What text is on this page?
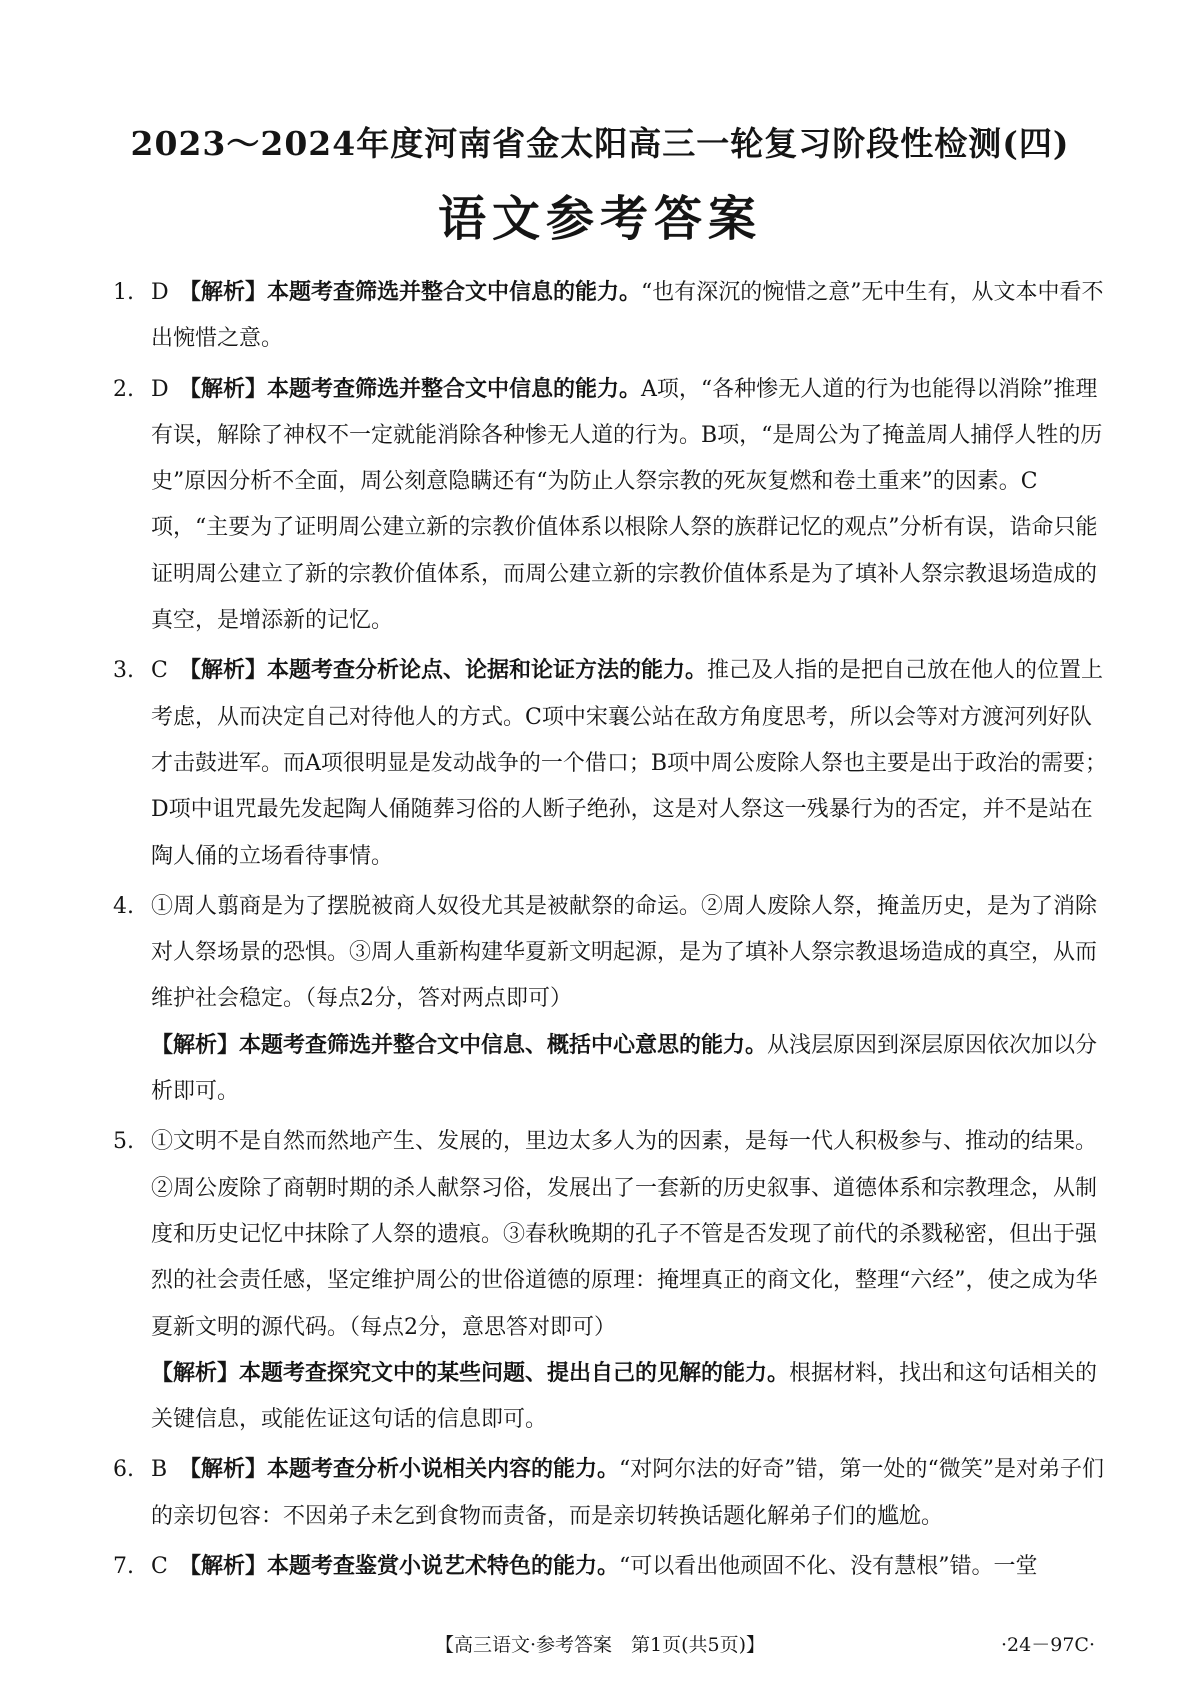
2023～2024年度河南省金太阳高三一轮复习阶段性检测(四)
语文参考答案
1. D 【解析】本题考查筛选并整合文中信息的能力。“也有深沉的惋惜之意”无中生有，从文本中看不出惋惜之意。
2. D 【解析】本题考查筛选并整合文中信息的能力。A项，“各种惨无人道的行为也能得以消除”推理有误，解除了神权不一定就能消除各种惨无人道的行为。B项，“是周公为了掩盖周人捕俘人牲的历史”原因分析不全面，周公刻意隐瞒还有“为防止人祭宗教的死灰复燃和卷土重来”的因素。C项，“主要为了证明周公建立新的宗教价值体系以根除人祭的族群记忆的观点”分析有误，诰命只能证明周公建立了新的宗教价值体系，而周公建立新的宗教价值体系是为了填补人祭宗教退场造成的真空，是增添新的记忆。
3. C 【解析】本题考查分析论点、论据和论证方法的能力。推己及人指的是把自己放在他人的位置上考虑，从而决定自己对待他人的方式。C项中宋襄公站在敌方角度思考，所以会等对方渡河列好队才击鼓进军。而A项很明显是发动战争的一个借口；B项中周公废除人祭也主要是出于政治的需要；D项中诅咒最先发起陶人俑随葬习俗的人断子绝孙，这是对人祭这一残暴行为的否定，并不是站在陶人俑的立场看待事情。
4. ①周人翦商是为了摆脱被商人奴役尤其是被献祭的命运。②周人废除人祭，掩盖历史，是为了消除对人祭场景的恐惧。③周人重新构建华夏新文明起源，是为了填补人祭宗教退场造成的真空，从而维护社会稳定。（每点2分，答对两点即可）
【解析】本题考查筛选并整合文中信息、概括中心意思的能力。从浅层原因到深层原因依次加以分析即可。
5. ①文明不是自然而然地产生、发展的，里边太多人为的因素，是每一代人积极参与、推动的结果。②周公废除了商朝时期的杀人献祭习俗，发展出了一套新的历史叙事、道德体系和宗教理念，从制度和历史记忆中抹除了人祭的遗痕。③春秋晚期的孔子不管是否发现了前代的杀戮秘密，但出于强烈的社会责任感，坚定维护周公的世俗道德的原理：掩埋真正的商文化，整理“六经”，使之成为华夏新文明的源代码。（每点2分，意思答对即可）
【解析】本题考查探究文中的某些问题、提出自己的见解的能力。根据材料，找出和这句话相关的关键信息，或能佐证这句话的信息即可。
6. B 【解析】本题考查分析小说相关内容的能力。“对阿尔法的好奇”错，第一处的“微笑”是对弟子们的亲切包容：不因弟子未乞到食物而责备，而是亲切转换话题化解弟子们的尴尬。
7. C 【解析】本题考查鉴赏小说艺术特色的能力。“可以看出他顽固不化、没有慧根”错。一堂
【高三语文·参考答案　第1页(共5页)】	·24－97C·
